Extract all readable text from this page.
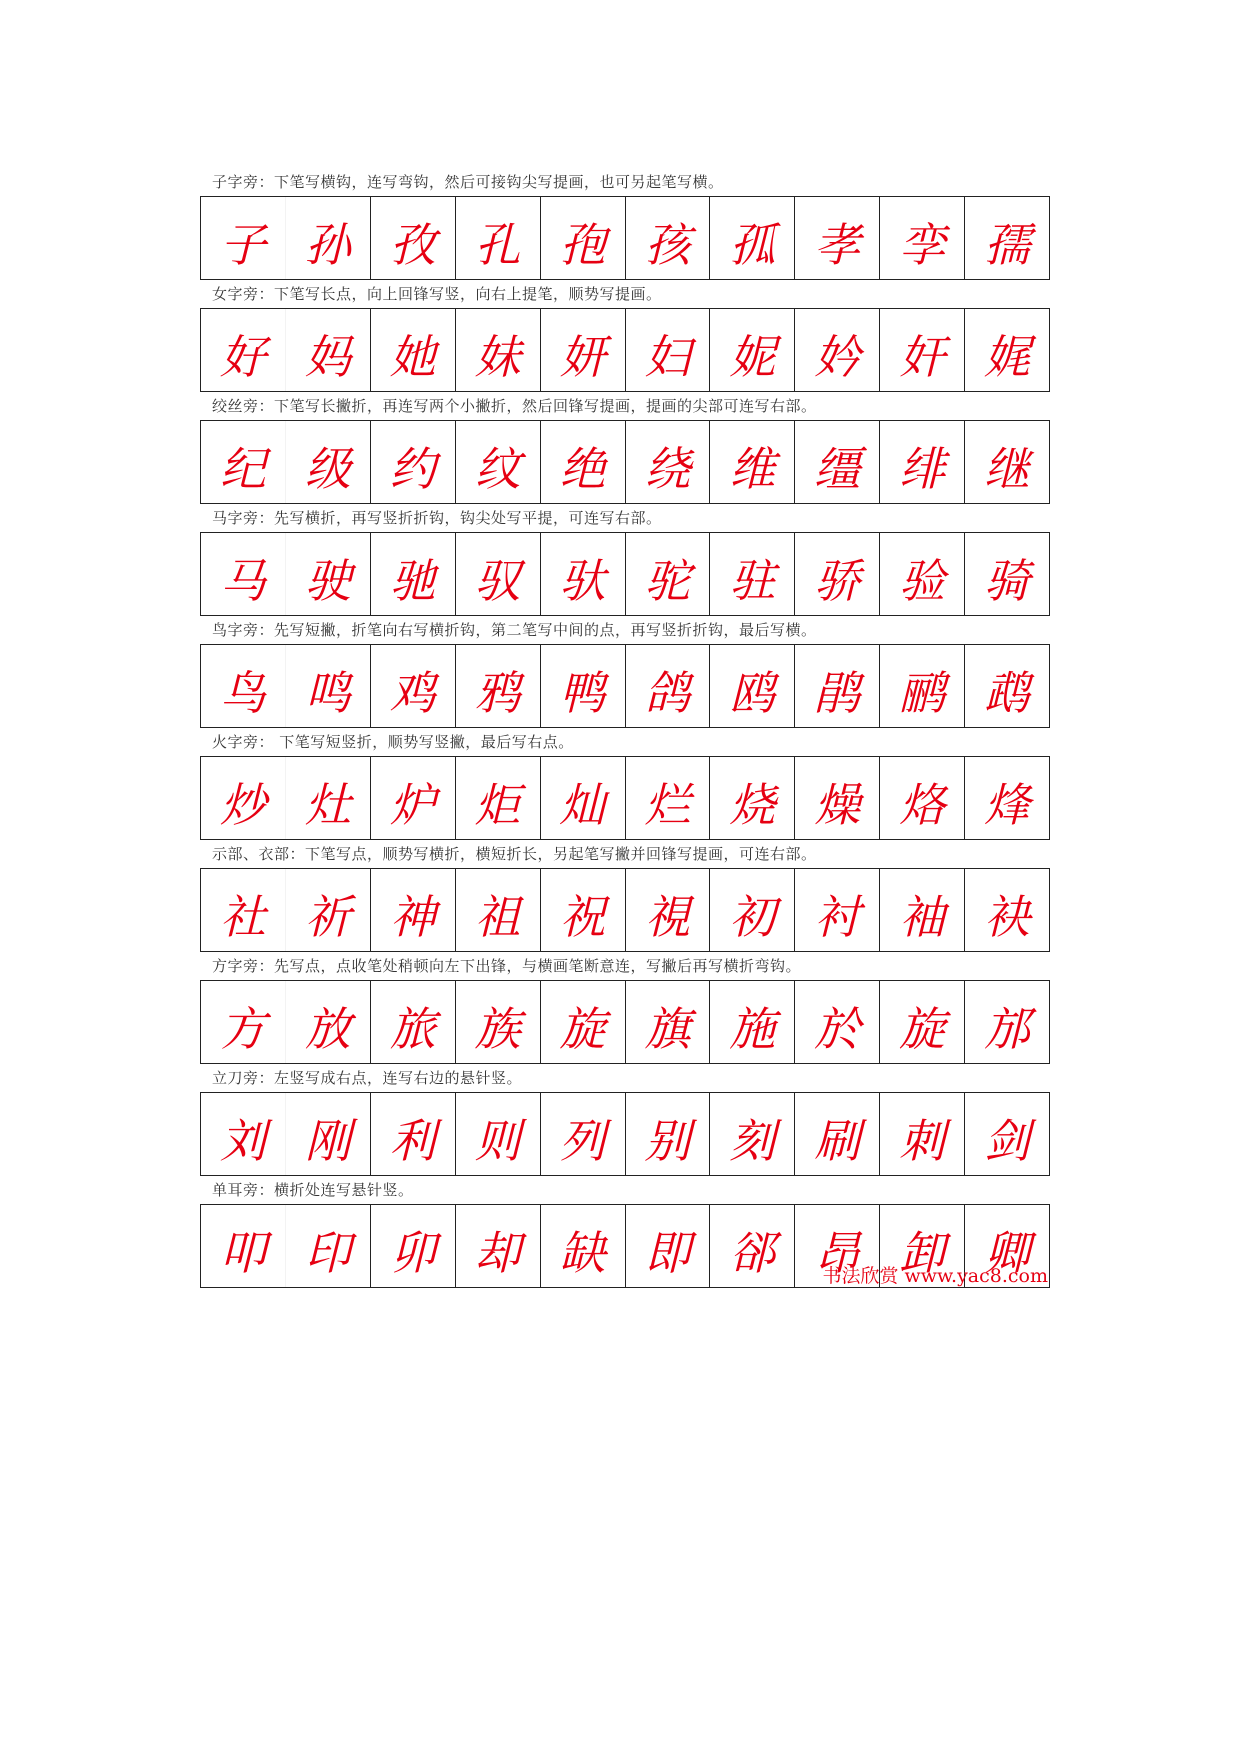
子字旁：下笔写横钩，连写弯钩，然后可接钩尖写提画，也可另起笔写横。
子 孙 孜 孔 孢 孩 孤 孝 孪 孺
女字旁：下笔写长点，向上回锋写竖，向右上提笔，顺势写提画。
好 妈 她 妹 妍 妇 妮 妗 奸 娓
绞丝旁：下笔写长撇折，再连写两个小撇折，然后回锋写提画，提画的尖部可连写右部。
纪 级 约 纹 绝 绕 维 缰 绯 继
马字旁：先写横折，再写竖折折钩，钩尖处写平提，可连写右部。
马 驶 驰 驭 驮 驼 驻 骄 验 骑
鸟字旁：先写短撇，折笔向右写横折钩，第二笔写中间的点，再写竖折折钩，最后写横。
鸟 鸣 鸡 鸦 鸭 鸽 鸥 鹃 鹂 鹉
火字旁： 下笔写短竖折，顺势写竖撇，最后写右点。
炒 灶 炉 炬 灿 烂 烧 燥 烙 烽
示部、衣部：下笔写点，顺势写横折，横短折长，另起笔写撇并回锋写提画，可连右部。
社 祈 神 祖 祝 視 初 衬 袖 袂
方字旁：先写点，点收笔处稍顿向左下出锋，与横画笔断意连，写撇后再写横折弯钩。
方 放 旅 族 旋 旗 施 於 旋 邡
立刀旁：左竖写成右点，连写右边的悬针竖。
刘 刚 利 则 列 别 刻 刷 刺 剑
单耳旁：横折处连写悬针竖。
叩 印 卯 却 缺 即 郤 昂 卸 卿
书法欣赏 www.yac8.com
